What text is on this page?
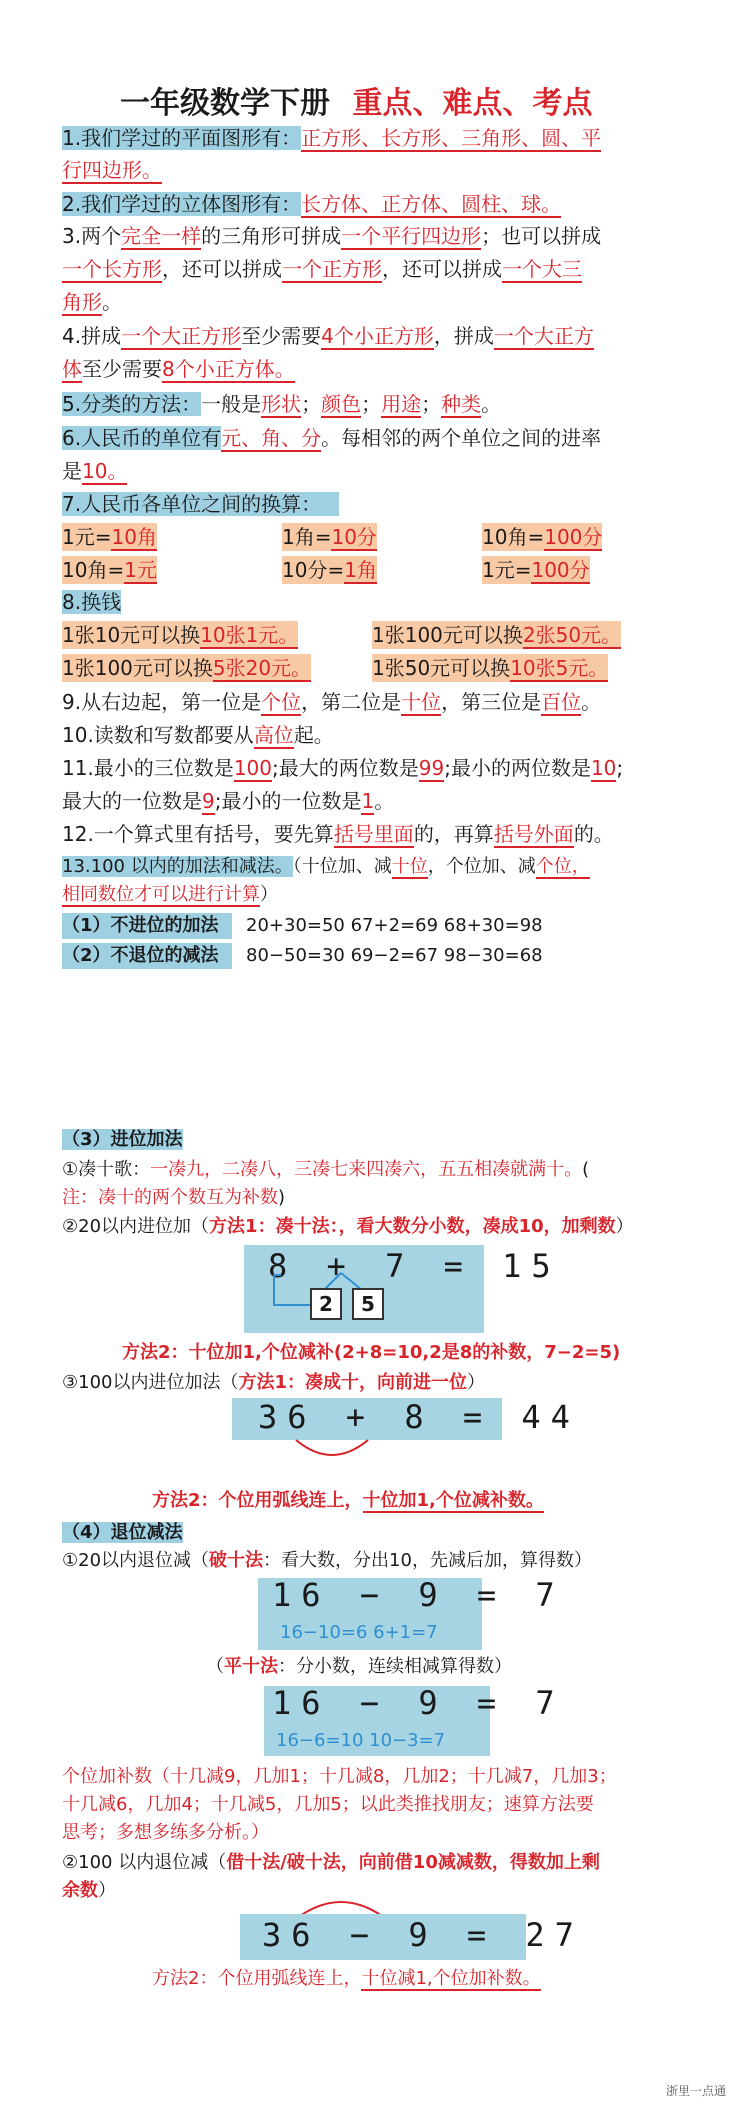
一年级数学下册 重点、难点、考点
1.我们学过的平面图形有：正方形、长方形、三角形、圆、平
行四边形。
2.我们学过的立体图形有：长方体、正方体、圆柱、球。
3.两个完全一样的三角形可拼成一个平行四边形；也可以拼成
一个长方形，还可以拼成一个正方形，还可以拼成一个大三
角形。
4.拼成一个大正方形至少需要4个小正方形，拼成一个大正方
体至少需要8个小正方体。
5.分类的方法：一般是形状；颜色；用途；种类。
6.人民币的单位有元、角、分。每相邻的两个单位之间的进率
是10。
7.人民币各单位之间的换算：
1元=10角	1角=10分	10角=100分
10角=1元	10分=1角	1元=100分
8.换钱
1张10元可以换10张1元。	1张100元可以换2张50元。
1张100元可以换5张20元。	1张50元可以换10张5元。
9.从右边起，第一位是个位，第二位是十位，第三位是百位。
10.读数和写数都要从高位起。
11.最小的三位数是100;最大的两位数是99;最小的两位数是10;
最大的一位数是9;最小的一位数是1。
12.一个算式里有括号，要先算括号里面的，再算括号外面的。
13.100 以内的加法和减法。（十位加、减十位，个位加、减个位，
相同数位才可以进行计算）
（1）不进位的加法 20+30=50 67+2=69 68+30=98
（2）不退位的减法 80−50=30 69−2=67 98−30=68
（3）进位加法
①凑十歌：一凑九，二凑八，三凑七来四凑六，五五相凑就满十。(
注：凑十的两个数互为补数)
②20以内进位加（方法1：凑十法：，看大数分小数，凑成10，加剩数）
8 + 7 = 15
2	5
方法2：十位加1,个位减补(2+8=10,2是8的补数，7−2=5)
③100以内进位加法（方法1：凑成十，向前进一位）
36 + 8 = 44
方法2：个位用弧线连上，十位加1,个位减补数。
（4）退位减法
①20以内退位减（破十法：看大数，分出10，先减后加，算得数）
16 − 9 = 7
16−10=6 6+1=7
（平十法：分小数，连续相减算得数）
16 − 9 = 7
16−6=10 10−3=7
个位加补数（十几减9，几加1；十几减8，几加2；十几减7，几加3；
十几减6，几加4；十几减5，几加5；以此类推找朋友；速算方法要
思考；多想多练多分析。）
②100 以内退位减（借十法/破十法，向前借10减减数，得数加上剩
余数）
36 − 9 = 27
方法2：个位用弧线连上，十位减1,个位加补数。
浙里一点通
